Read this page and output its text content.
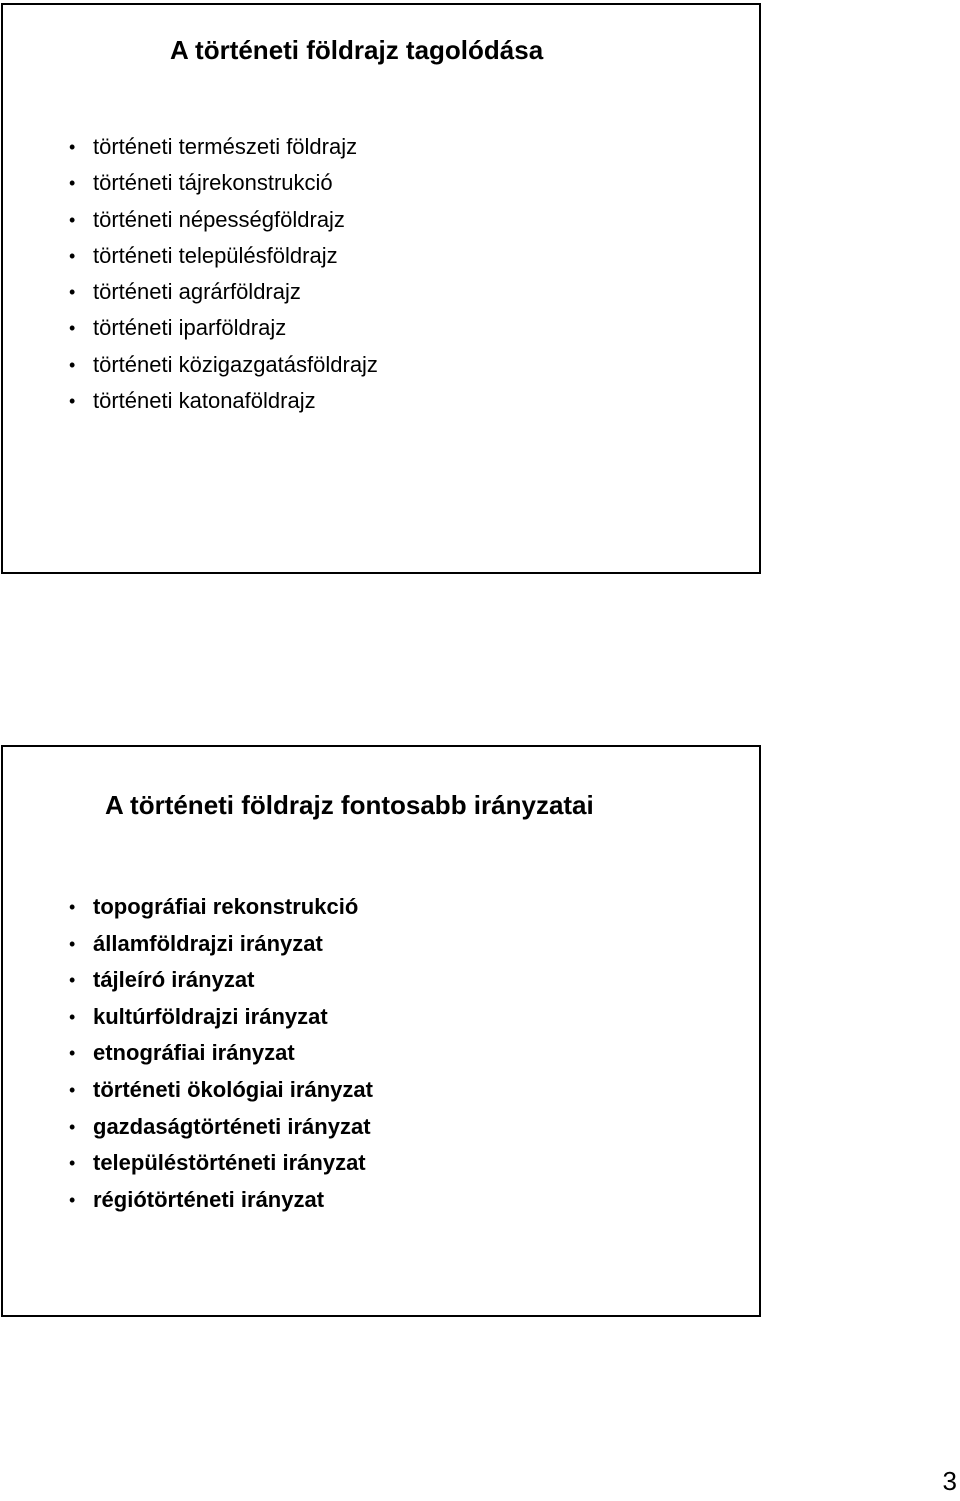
A történeti földrajz tagolódása
• történeti természeti földrajz
• történeti tájrekonstrukció
• történeti népességföldrajz
• történeti településföldrajz
• történeti agrárföldrajz
• történeti iparföldrajz
• történeti közigazgatásföldrajz
• történeti katonaföldrajz
A történeti földrajz fontosabb irányzatai
• topográfiai rekonstrukció
• államföldrajzi irányzat
• tájleíró irányzat
• kultúrföldrajzi irányzat
• etnográfiai irányzat
• történeti ökológiai irányzat
• gazdaságtörténeti irányzat
• településtörténeti irányzat
• régiótörténeti irányzat
3
